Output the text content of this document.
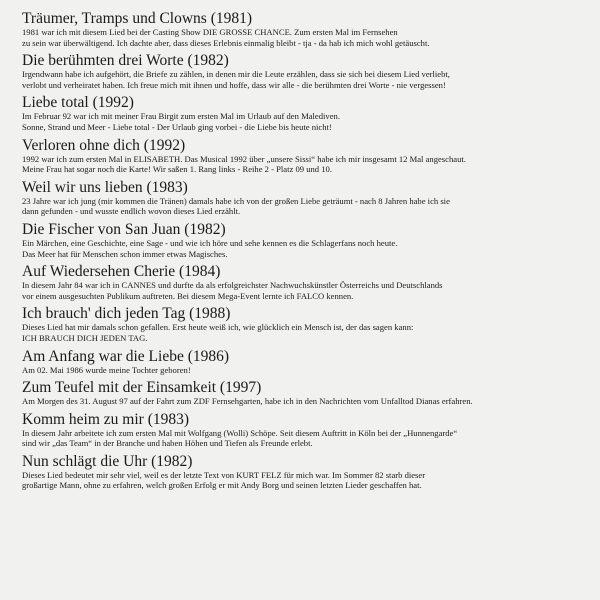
Träumer, Tramps und Clowns (1981)
1981 war ich mit diesem Lied bei der Casting Show DIE GROSSE CHANCE. Zum ersten Mal im Fernsehen
zu sein war überwältigend. Ich dachte aber, dass dieses Erlebnis einmalig bleibt - tja - da hab ich mich wohl getäuscht.
Die berühmten drei Worte (1982)
Irgendwann habe ich aufgehört, die Briefe zu zählen, in denen mir die Leute erzählen, dass sie sich bei diesem Lied verliebt,
verlobt und verheiratet haben. Ich freue mich mit ihnen und hoffe, dass wir alle - die berühmten drei Worte - nie vergessen!
Liebe total (1992)
Im Februar 92 war ich mit meiner Frau Birgit zum ersten Mal im Urlaub auf den Malediven.
Sonne, Strand und Meer - Liebe total - Der Urlaub ging vorbei - die Liebe bis heute nicht!
Verloren ohne dich (1992)
1992 war ich zum ersten Mal in ELISABETH. Das Musical 1992 über „unsere Sissi“ habe ich mir insgesamt 12 Mal angeschaut.
Meine Frau hat sogar noch die Karte! Wir saßen 1. Rang links - Reihe 2 - Platz 09 und 10.
Weil wir uns lieben (1983)
23 Jahre war ich jung (mir kommen die Tränen) damals habe ich von der großen Liebe geträumt - nach 8 Jahren habe ich sie
dann gefunden - und wusste endlich wovon dieses Lied erzählt.
Die Fischer von San Juan (1982)
Ein Märchen, eine Geschichte, eine Sage - und wie ich höre und sehe kennen es die Schlagerfans noch heute.
Das Meer hat für Menschen schon immer etwas Magisches.
Auf Wiedersehen Cherie (1984)
In diesem Jahr 84 war ich in CANNES und durfte da als erfolgreichster Nachwuchskünstler Österreichs und Deutschlands
vor einem ausgesuchten Publikum auftreten. Bei diesem Mega-Event lernte ich FALCO kennen.
Ich brauch' dich jeden Tag (1988)
Dieses Lied hat mir damals schon gefallen. Erst heute weiß ich, wie glücklich ein Mensch ist, der das sagen kann:
ICH BRAUCH DICH JEDEN TAG.
Am Anfang war die Liebe (1986)
Am 02. Mai 1986 wurde meine Tochter geboren!
Zum Teufel mit der Einsamkeit (1997)
Am Morgen des 31. August 97 auf der Fahrt zum ZDF Fernsehgarten, habe ich in den Nachrichten vom Unfalltod Dianas erfahren.
Komm heim zu mir (1983)
In diesem Jahr arbeitete ich zum ersten Mal mit Wolfgang (Wolli) Schöpe. Seit diesem Auftritt in Köln bei der „Hunnengarde“
sind wir „das Team“ in der Branche und haben Höhen und Tiefen als Freunde erlebt.
Nun schlägt die Uhr (1982)
Dieses Lied bedeutet mir sehr viel, weil es der letzte Text von KURT FELZ für mich war. Im Sommer 82 starb dieser
großartige Mann, ohne zu erfahren, welch großen Erfolg er mit Andy Borg und seinen letzten Lieder geschaffen hat.
